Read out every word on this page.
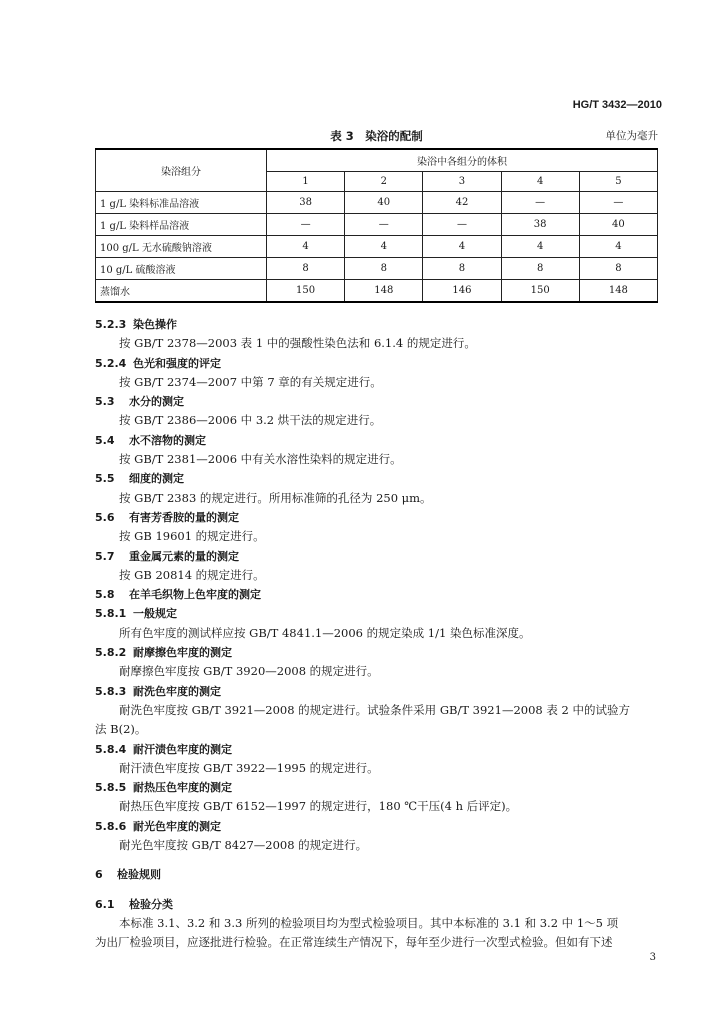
HG/T 3432—2010
表 3　染浴的配制	单位为毫升
染浴组分	染浴中各组分的体积				
	1	2	3	4	5
1 g/L 染料标准品溶液	38	40	42	—	—
1 g/L 染料样品溶液	—	—	—	38	40
100 g/L 无水硫酸钠溶液	4	4	4	4	4
10 g/L 硫酸溶液	8	8	8	8	8
蒸馏水	150	148	146	150	148
5.2.3 染色操作
按 GB/T 2378—2003 表 1 中的强酸性染色法和 6.1.4 的规定进行。
5.2.4 色光和强度的评定
按 GB/T 2374—2007 中第 7 章的有关规定进行。
5.3 水分的测定
按 GB/T 2386—2006 中 3.2 烘干法的规定进行。
5.4 水不溶物的测定
按 GB/T 2381—2006 中有关水溶性染料的规定进行。
5.5 细度的测定
按 GB/T 2383 的规定进行。所用标准筛的孔径为 250 μm。
5.6 有害芳香胺的量的测定
按 GB 19601 的规定进行。
5.7 重金属元素的量的测定
按 GB 20814 的规定进行。
5.8 在羊毛织物上色牢度的测定
5.8.1 一般规定
所有色牢度的测试样应按 GB/T 4841.1—2006 的规定染成 1/1 染色标准深度。
5.8.2 耐摩擦色牢度的测定
耐摩擦色牢度按 GB/T 3920—2008 的规定进行。
5.8.3 耐洗色牢度的测定
耐洗色牢度按 GB/T 3921—2008 的规定进行。试验条件采用 GB/T 3921—2008 表 2 中的试验方
法 B(2)。
5.8.4 耐汗渍色牢度的测定
耐汗渍色牢度按 GB/T 3922—1995 的规定进行。
5.8.5 耐热压色牢度的测定
耐热压色牢度按 GB/T 6152—1997 的规定进行，180 ℃干压(4 h 后评定)。
5.8.6 耐光色牢度的测定
耐光色牢度按 GB/T 8427—2008 的规定进行。
6 检验规则
6.1 检验分类
本标准 3.1、3.2 和 3.3 所列的检验项目均为型式检验项目。其中本标准的 3.1 和 3.2 中 1～5 项
为出厂检验项目，应逐批进行检验。在正常连续生产情况下，每年至少进行一次型式检验。但如有下述
3
